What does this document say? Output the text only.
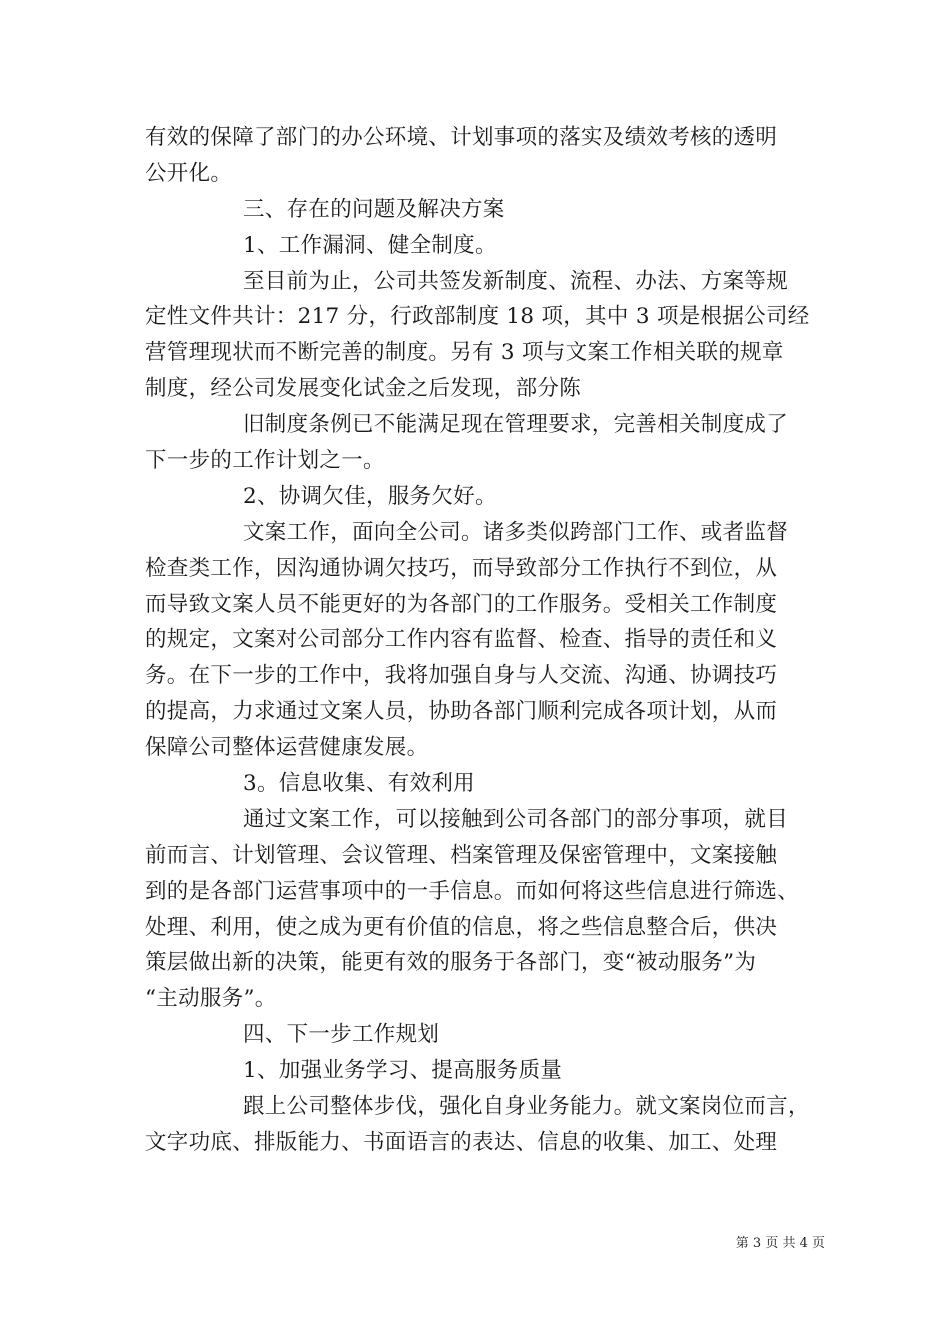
有效的保障了部门的办公环境、计划事项的落实及绩效考核的透明
公开化。
三、存在的问题及解决方案
1、工作漏洞、健全制度。
至目前为止，公司共签发新制度、流程、办法、方案等规
定性文件共计：217 分，行政部制度 18 项，其中 3 项是根据公司经
营管理现状而不断完善的制度。另有 3 项与文案工作相关联的规章
制度，经公司发展变化试金之后发现，部分陈
旧制度条例已不能满足现在管理要求，完善相关制度成了
下一步的工作计划之一。
2、协调欠佳，服务欠好。
文案工作，面向全公司。诸多类似跨部门工作、或者监督
检查类工作，因沟通协调欠技巧，而导致部分工作执行不到位，从
而导致文案人员不能更好的为各部门的工作服务。受相关工作制度
的规定，文案对公司部分工作内容有监督、检查、指导的责任和义
务。在下一步的工作中，我将加强自身与人交流、沟通、协调技巧
的提高，力求通过文案人员，协助各部门顺利完成各项计划，从而
保障公司整体运营健康发展。
3。信息收集、有效利用
通过文案工作，可以接触到公司各部门的部分事项，就目
前而言、计划管理、会议管理、档案管理及保密管理中，文案接触
到的是各部门运营事项中的一手信息。而如何将这些信息进行筛选、
处理、利用，使之成为更有价值的信息，将之些信息整合后，供决
策层做出新的决策，能更有效的服务于各部门，变“被动服务”为
“主动服务”。
四、下一步工作规划
1、加强业务学习、提高服务质量
跟上公司整体步伐，强化自身业务能力。就文案岗位而言，
文字功底、排版能力、书面语言的表达、信息的收集、加工、处理
第 3 页 共 4 页
